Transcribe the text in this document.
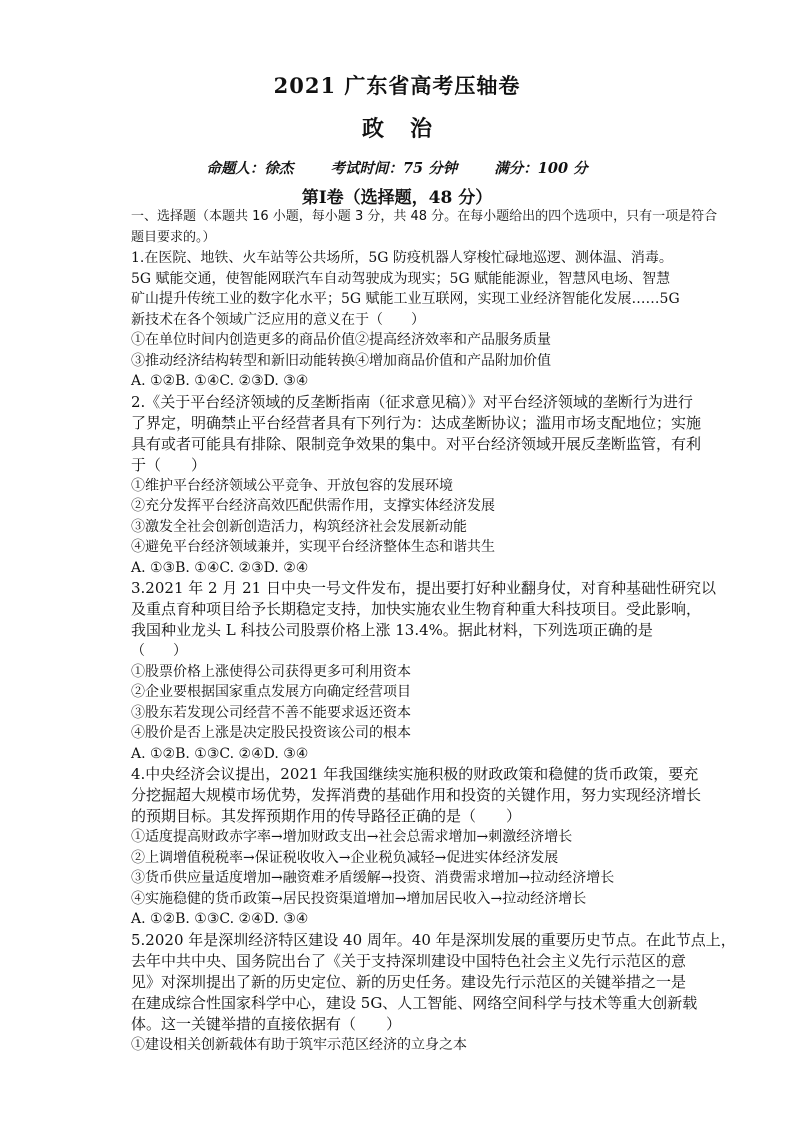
2021 广东省高考压轴卷
政治
命题人：徐杰	考试时间：75 分钟	满分：100 分
第Ⅰ卷（选择题，48 分）
一、选择题（本题共 16 小题，每小题 3 分，共 48 分。在每小题给出的四个选项中，只有一项是符合
题目要求的。）
1.在医院、地铁、火车站等公共场所，5G 防疫机器人穿梭忙碌地巡逻、测体温、消毒。
5G 赋能交通，使智能网联汽车自动驾驶成为现实；5G 赋能能源业，智慧风电场、智慧
矿山提升传统工业的数字化水平；5G 赋能工业互联网，实现工业经济智能化发展……5G
新技术在各个领域广泛应用的意义在于（　　）
①在单位时间内创造更多的商品价值②提高经济效率和产品服务质量
③推动经济结构转型和新旧动能转换④增加商品价值和产品附加价值
A. ①②B. ①④C. ②③D. ③④
2.《关于平台经济领域的反垄断指南（征求意见稿）》对平台经济领域的垄断行为进行
了界定，明确禁止平台经营者具有下列行为：达成垄断协议；滥用市场支配地位；实施
具有或者可能具有排除、限制竞争效果的集中。对平台经济领域开展反垄断监管，有利
于（　　）
①维护平台经济领域公平竞争、开放包容的发展环境
②充分发挥平台经济高效匹配供需作用，支撑实体经济发展
③激发全社会创新创造活力，构筑经济社会发展新动能
④避免平台经济领域兼并，实现平台经济整体生态和谐共生
A. ①③B. ①④C. ②③D. ②④
3.2021 年 2 月 21 日中央一号文件发布，提出要打好种业翻身仗，对育种基础性研究以
及重点育种项目给予长期稳定支持，加快实施农业生物育种重大科技项目。受此影响，
我国种业龙头 L 科技公司股票价格上涨 13.4%。据此材料，下列选项正确的是
（　　）
①股票价格上涨使得公司获得更多可利用资本
②企业要根据国家重点发展方向确定经营项目
③股东若发现公司经营不善不能要求返还资本
④股价是否上涨是决定股民投资该公司的根本
A. ①②B. ①③C. ②④D. ③④
4.中央经济会议提出，2021 年我国继续实施积极的财政政策和稳健的货币政策，要充
分挖掘超大规模市场优势，发挥消费的基础作用和投资的关键作用，努力实现经济增长
的预期目标。其发挥预期作用的传导路径正确的是（　　）
①适度提高财政赤字率→增加财政支出→社会总需求增加→刺激经济增长
②上调增值税税率→保证税收收入→企业税负减轻→促进实体经济发展
③货币供应量适度增加→融资难矛盾缓解→投资、消费需求增加→拉动经济增长
④实施稳健的货币政策→居民投资渠道增加→增加居民收入→拉动经济增长
A. ①②B. ①③C. ②④D. ③④
5.2020 年是深圳经济特区建设 40 周年。40 年是深圳发展的重要历史节点。在此节点上，
去年中共中央、国务院出台了《关于支持深圳建设中国特色社会主义先行示范区的意
见》对深圳提出了新的历史定位、新的历史任务。建设先行示范区的关键举措之一是
在建成综合性国家科学中心，建设 5G、人工智能、网络空间科学与技术等重大创新载
体。这一关键举措的直接依据有（　　）
①建设相关创新载体有助于筑牢示范区经济的立身之本
